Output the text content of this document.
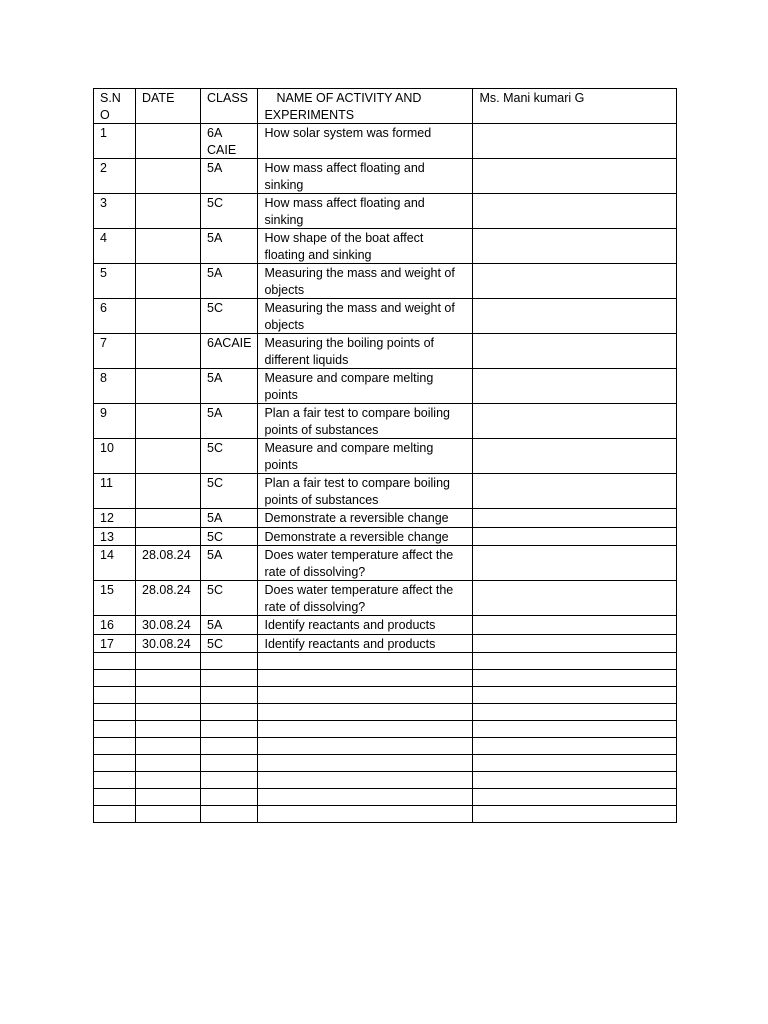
S.N O	DATE	CLASS	NAME OF ACTIVITY AND
EXPERIMENTS	Ms. Mani kumari G
1		6A CAIE	How solar system was formed	
2		5A	How mass affect floating and sinking	
3		5C	How mass affect floating and sinking	
4		5A	How shape of the boat affect floating and sinking	
5		5A	Measuring the mass and weight of objects	
6		5C	Measuring the mass and weight of objects	
7		6ACAIE	Measuring the boiling points of different liquids	
8		5A	Measure and compare melting points	
9		5A	Plan a fair test to compare boiling points of substances	
10		5C	Measure and compare melting points	
11		5C	Plan a fair test to compare boiling points of substances	
12		5A	Demonstrate a reversible change	
13		5C	Demonstrate a reversible change	
14	28.08.24	5A	Does water temperature affect the rate of dissolving?	
15	28.08.24	5C	Does water temperature affect the rate of dissolving?	
16	30.08.24	5A	Identify reactants and products	
17	30.08.24	5C	Identify reactants and products	
